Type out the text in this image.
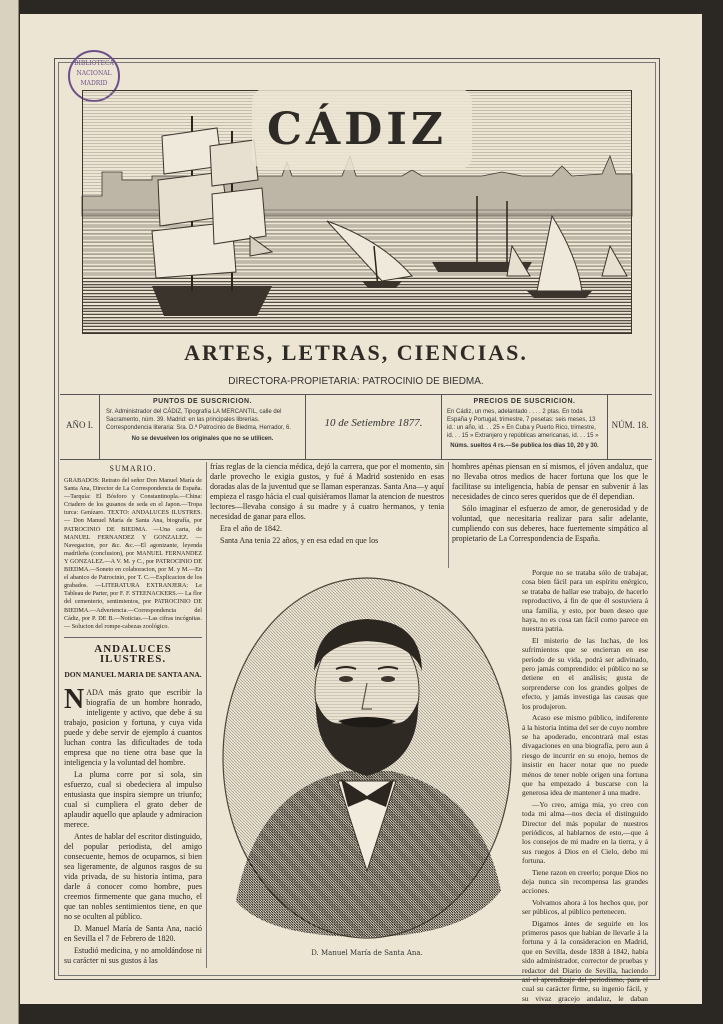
BIBLIOTECA NACIONAL MADRID
CÁDIZ
ARTES, LETRAS, CIENCIAS.
DIRECTORA-PROPIETARIA: PATROCINIO DE BIEDMA.
AÑO I.
PUNTOS DE SUSCRICION.
Sr. Administrador del CÁDIZ, Tipografía LA MERCANTIL, calle del Sacramento, núm. 39. Madrid: en las principales librerías. Correspondencia literaria: Sra. D.ª Patrocinio de Biedma, Herrador, 6.
No se devuelven los originales que no se utilicen.
10 de Setiembre 1877.
PRECIOS DE SUSCRICION.
En Cádiz, un mes, adelantado . . . . 2 ptas. En toda España y Portugal, trimestre, 7 pesetas: seis meses, 13 id.: un año, id. . . 25 » En Cuba y Puerto Rico, trimestre, id. . . 15 » Extranjero y repúblicas americanas, id. . . 15 »
Núms. sueltos 4 rs.—Se publica los días 10, 20 y 30.
NÚM. 18.
SUMARIO.
GRABADOS: Retrato del señor Don Manuel María de Santa Ana, Director de La Correspondencia de España.—Tarquía: El Bósforo y Constantinopla.—China: Criadero de los gusanos de seda en el Japon.—Tropa turca: Genízaro. TEXTO: ANDALUCES ILUSTRES.— Don Manuel María de Santa Ana, biografía, por PATROCINIO DE BIEDMA. —Una carta, de MANUEL FERNANDEZ Y GONZALEZ. —Navegacion, por &c. &c.—El agonizante, leyenda madrileña (conclusion), por MANUEL FERNANDEZ Y GONZALEZ.—A V. M. y C., por PATROCINIO DE BIEDMA.—Soneto en colaboracion, por M. y M.—En el abanico de Patrocinio, por T. C.—Explicacion de los grabados. —LITERATURA EXTRANJERA: Le Tableau de Parter, por F. F. STEENACKERS.— La flor del cementerio, sentimientos, por PATROCINIO DE BIEDMA.—Advertencia.—Correspondencia del Cádiz, por P. DE B.—Noticias.—Las cifras incógnitas.— Solucion del rompe-cabezas zoológico.
ANDALUCES ILUSTRES.
DON MANUEL MARIA DE SANTA ANA.
N ADA más grato que escribir la biografía de un hombre honrado, inteligente y activo, que debe á su trabajo, posicion y fortuna, y cuya vida puede y debe servir de ejemplo á cuantos luchan contra las dificultades de toda empresa que no tiene otra base que la inteligencia y la voluntad del hombre.

La pluma corre por sí sola, sin esfuerzo, cual si obedeciera al impulso entusiasta que inspira siempre un triunfo; cual si cumpliera el grato deber de aplaudir aquello que aplaude y admiracion merece.

Antes de hablar del escritor distinguido, del popular periodista, del amigo consecuente, hemos de ocuparnos, si bien sea ligeramente, de algunos rasgos de su vida privada, de su historia íntima, para darle á conocer como hombre, pues creemos firmemente que gana mucho, el que tan nobles sentimientos tiene, en que no se oculten al público.

D. Manuel María de Santa Ana, nació en Sevilla el 7 de Febrero de 1820.

Estudió medicina, y no amoldándose ni su carácter ni sus gustos á las

frías reglas de la ciencia médica, dejó la carrera, que por el momento, sin darle provecho le exigia gustos, y fué á Madrid sostenido en esas doradas alas de la juventud que se llaman esperanzas. Santa Ana—y aquí empieza el rasgo hácia el cual quisiéramos llamar la atencion de nuestros lectores—llevaba consigo á su madre y á cuatro hermanos, y tenia necesidad de ganar para ellos.

Era el año de 1842.

Santa Ana tenia 22 años, y en esa edad en que los

D. Manuel María de Santa Ana.

hombres apénas piensan en sí mismos, el jóven andaluz, que no llevaba otros medios de hacer fortuna que los que le facilitase su inteligencia, había de pensar en subvenir á las necesidades de cinco seres queridos que de él dependian.

Sólo imaginar el esfuerzo de amor, de generosidad y de voluntad, que necesitaria realizar para salir adelante, cumpliendo con sus deberes, hace fuertemente simpático al propietario de La Correspondencia de España.

Porque no se trataba sólo de trabajar, cosa bien fácil para un espíritu enérgico, se trataba de hallar ese trabajo, de hacerlo reproductivo, á fin de que él sostuviera á una familia, y esto, por buen deseo que haya, no es cosa tan fácil como parece en nuestra patria.

El misterio de las luchas, de los sufrimientos que se encierran en ese período de su vida, podrá ser adivinado, pero jamás comprendido: el público no se detiene en el análisis; gusta de sorprenderse con los grandes golpes de efecto, y jamás investiga las causas que los produjeron.

Acaso ese mismo público, indiferente á la historia íntima del ser de cuyo nombre se ha apoderado, encontrará mal estas divagaciones en una biografía, pero aun á riesgo de incurrir en su enojo, hemos de insistir en hacer notar que no puede ménos de tener noble origen una fortuna que ha empezado á buscarse con la generosa idea de mantener á una madre.

—Yo creo, amiga mia, yo creo con toda mi alma—nos decia el distinguido Director del más popular de nuestros periódicos, al hablarnos de esto,—que á los consejos de mi madre en la tierra, y á sus ruegos á Dios en el Cielo, debo mi fortuna.

Tiene razon en creerlo; porque Dios no deja nunca sin recompensa las grandes acciones.

Volvamos ahora á los hechos que, por ser públicos, al público pertenecen.

Digamos ántes de seguirle en los primeros pasos que habían de llevarle á la fortuna y á la consideracion en Madrid, que en Sevilla, desde 1838 á 1842, había sido administrador, corrector de pruebas y redactor del Diario de Sevilla, haciendo así el aprendizaje del periodismo, para el cual su carácter firme, su ingenio fácil, y su vivaz gracejo andaluz, le daban admirables disposiciones.
